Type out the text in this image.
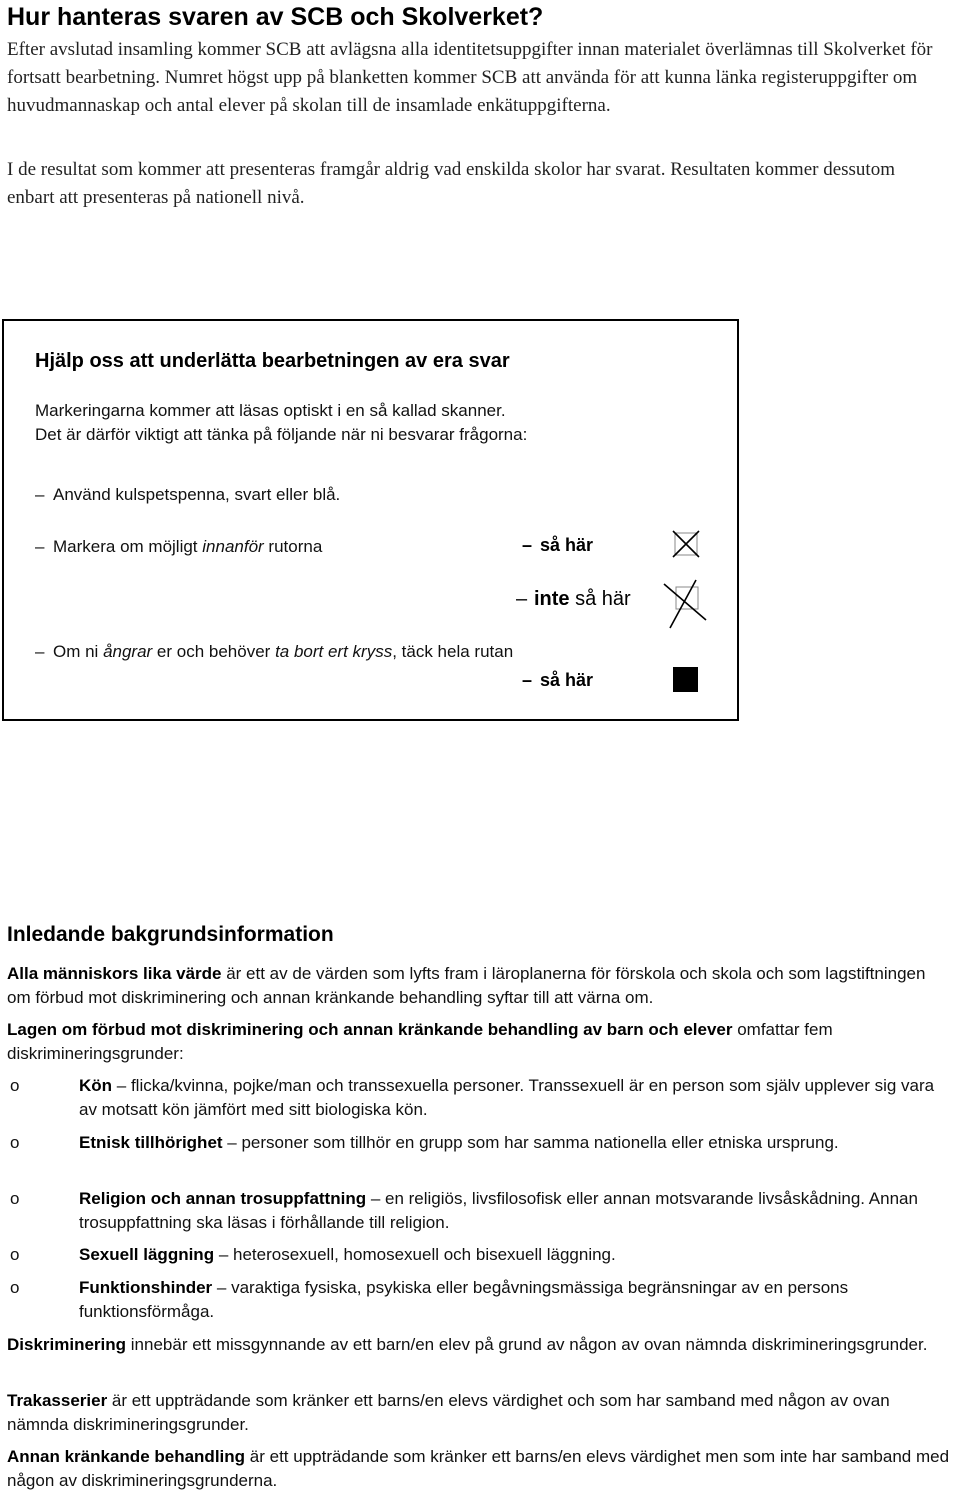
Hur hanteras svaren av SCB och Skolverket?
Efter avslutad insamling kommer SCB att avlägsna alla identitetsuppgifter innan materialet överlämnas till Skolverket för fortsatt bearbetning. Numret högst upp på blanketten kommer SCB att använda för att kunna länka registeruppgifter om huvudmannaskap och antal elever på skolan till de insamlade enkätuppgifterna.
I de resultat som kommer att presenteras framgår aldrig vad enskilda skolor har svarat. Resultaten kommer dessutom enbart att presenteras på nationell nivå.
Hjälp oss att underlätta bearbetningen av era svar
Markeringarna kommer att läsas optiskt i en så kallad skanner.
Det är därför viktigt att tänka på följande när ni besvarar frågorna:
– Använd kulspetspenna, svart eller blå.
– Markera om möjligt innanför rutorna	– så här
– inte så här
– Om ni ångrar er och behöver ta bort ert kryss, täck hela rutan
– så här
Inledande bakgrundsinformation
Alla människors lika värde är ett av de värden som lyfts fram i läroplanerna för förskola och skola och som lagstiftningen om förbud mot diskriminering och annan kränkande behandling syftar till att värna om.
Lagen om förbud mot diskriminering och annan kränkande behandling av barn och elever omfattar fem diskrimineringsgrunder:
o	Kön – flicka/kvinna, pojke/man och transsexuella personer. Transsexuell är en person som själv upplever sig vara av motsatt kön jämfört med sitt biologiska kön.
o	Etnisk tillhörighet – personer som tillhör en grupp som har samma nationella eller etniska ursprung.
o	Religion och annan trosuppfattning – en religiös, livsfilosofisk eller annan motsvarande livsåskådning. Annan trosuppfattning ska läsas i förhållande till religion.
o	Sexuell läggning – heterosexuell, homosexuell och bisexuell läggning.
o	Funktionshinder – varaktiga fysiska, psykiska eller begåvningsmässiga begränsningar av en persons funktionsförmåga.
Diskriminering innebär ett missgynnande av ett barn/en elev på grund av någon av ovan nämnda diskrimineringsgrunder.
Trakasserier är ett uppträdande som kränker ett barns/en elevs värdighet och som har samband med någon av ovan nämnda diskrimineringsgrunder.
Annan kränkande behandling är ett uppträdande som kränker ett barns/en elevs värdighet men som inte har samband med någon av diskrimineringsgrunderna.
